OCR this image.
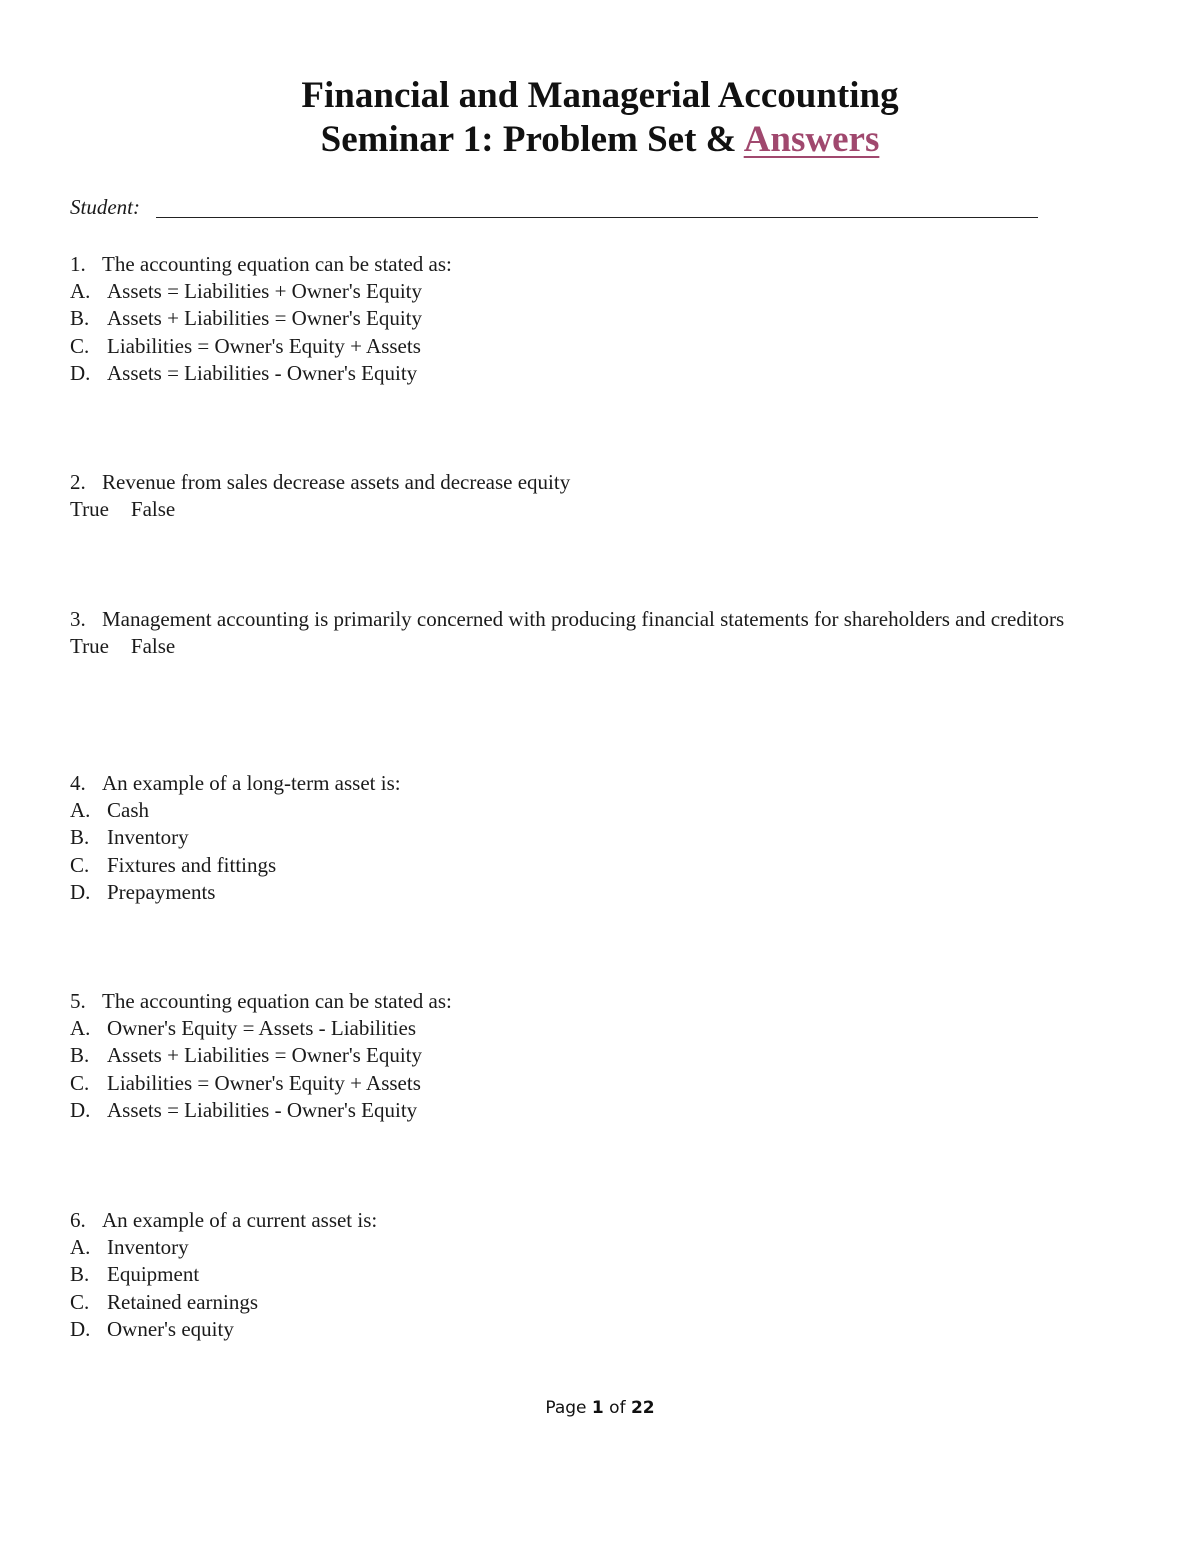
Financial and Managerial Accounting
Seminar 1: Problem Set & Answers
Student:
1. The accounting equation can be stated as:
A. Assets = Liabilities + Owner's Equity
B. Assets + Liabilities = Owner's Equity
C. Liabilities = Owner's Equity + Assets
D. Assets = Liabilities - Owner's Equity
2. Revenue from sales decrease assets and decrease equity
True False
3. Management accounting is primarily concerned with producing financial statements for shareholders and creditors
True False
4. An example of a long-term asset is:
A. Cash
B. Inventory
C. Fixtures and fittings
D. Prepayments
5. The accounting equation can be stated as:
A. Owner's Equity = Assets - Liabilities
B. Assets + Liabilities = Owner's Equity
C. Liabilities = Owner's Equity + Assets
D. Assets = Liabilities - Owner's Equity
6. An example of a current asset is:
A. Inventory
B. Equipment
C. Retained earnings
D. Owner's equity
Page 1 of 22
